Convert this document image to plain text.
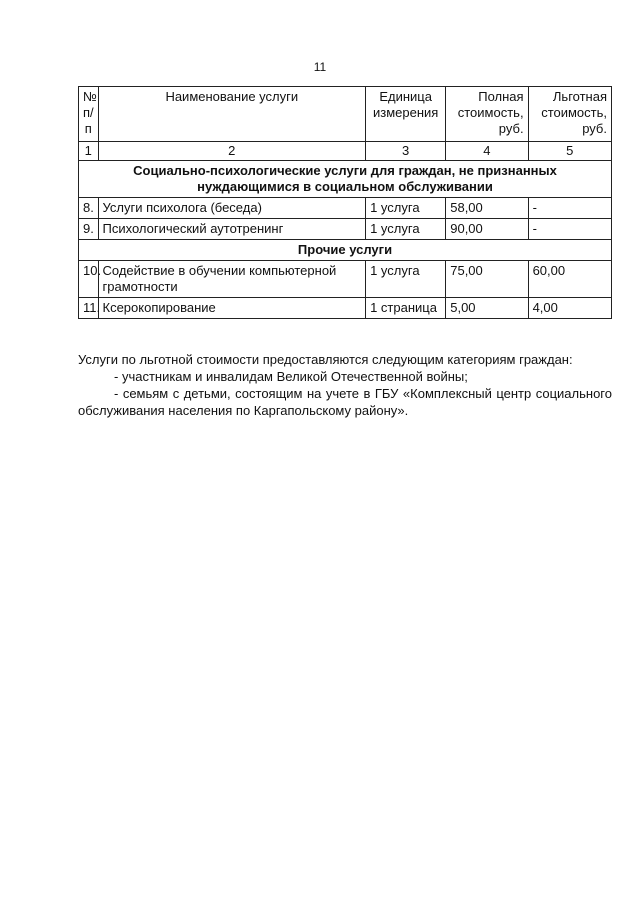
11
№ п/п	Наименование услуги	Единица измерения	Полная стоимость, руб.	Льготная стоимость, руб.
1	2	3	4	5
Социально-психологические услуги для граждан, не признанных нуждающимися в социальном обслуживании				
8.	Услуги психолога (беседа)	1 услуга	58,00	-
9.	Психологический аутотренинг	1 услуга	90,00	-
Прочие услуги				
10.	Содействие в обучении компьютерной грамотности	1 услуга	75,00	60,00
11.	Ксерокопирование	1 страница	5,00	4,00

Услуги по льготной стоимости предоставляются следующим категориям граждан:

- участникам и инвалидам Великой Отечественной войны;

- семьям с детьми, состоящим на учете в ГБУ «Комплексный центр социального обслуживания населения по Каргапольскому району».
